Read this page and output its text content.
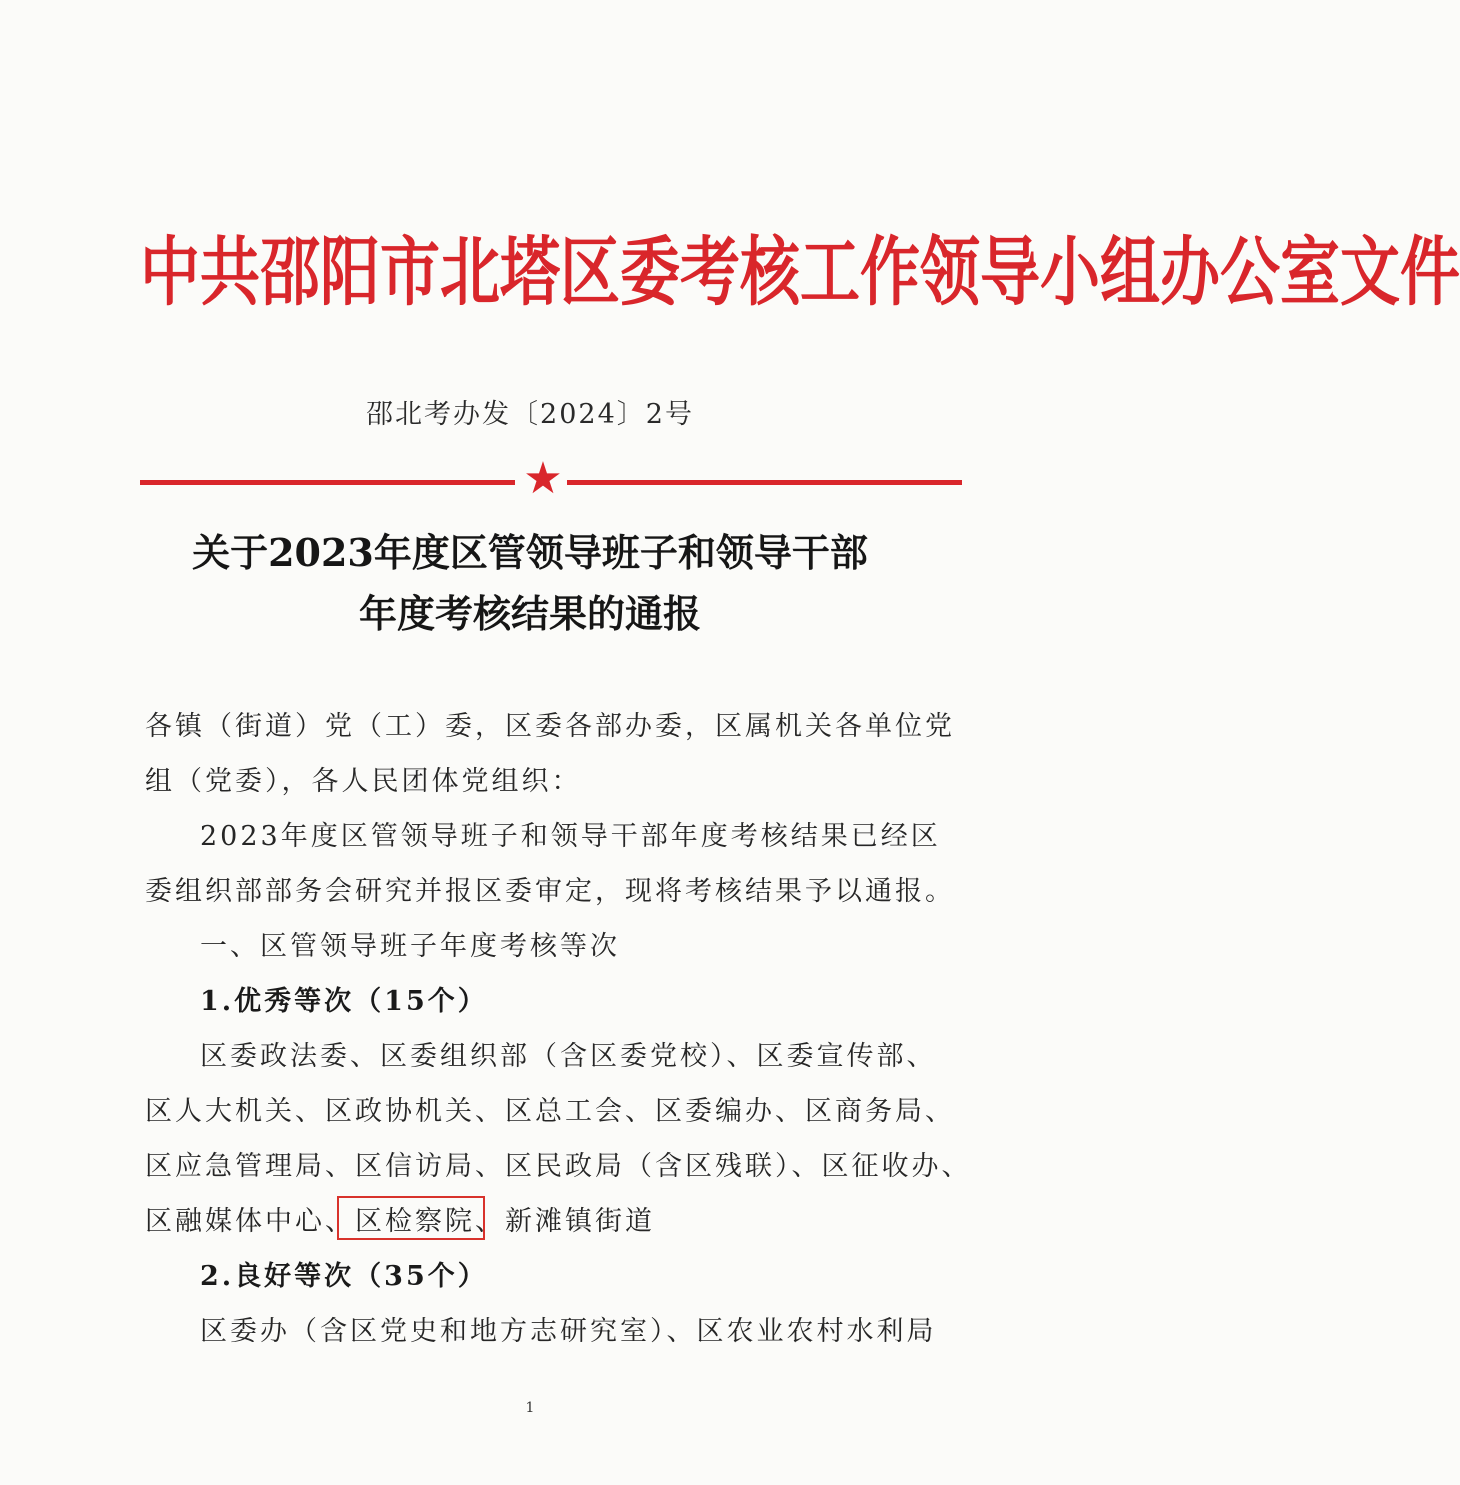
中共邵阳市北塔区委考核工作领导小组办公室文件
邵北考办发〔2024〕2号
★
关于2023年度区管领导班子和领导干部
年度考核结果的通报
各镇（街道）党（工）委，区委各部办委，区属机关各单位党
组（党委），各人民团体党组织：
2023年度区管领导班子和领导干部年度考核结果已经区
委组织部部务会研究并报区委审定，现将考核结果予以通报。
一、区管领导班子年度考核等次
1.优秀等次（15个）
区委政法委、区委组织部（含区委党校）、区委宣传部、
区人大机关、区政协机关、区总工会、区委编办、区商务局、
区应急管理局、区信访局、区民政局（含区残联）、区征收办、
区融媒体中心、区检察院、新滩镇街道
2.良好等次（35个）
区委办（含区党史和地方志研究室）、区农业农村水利局
1
